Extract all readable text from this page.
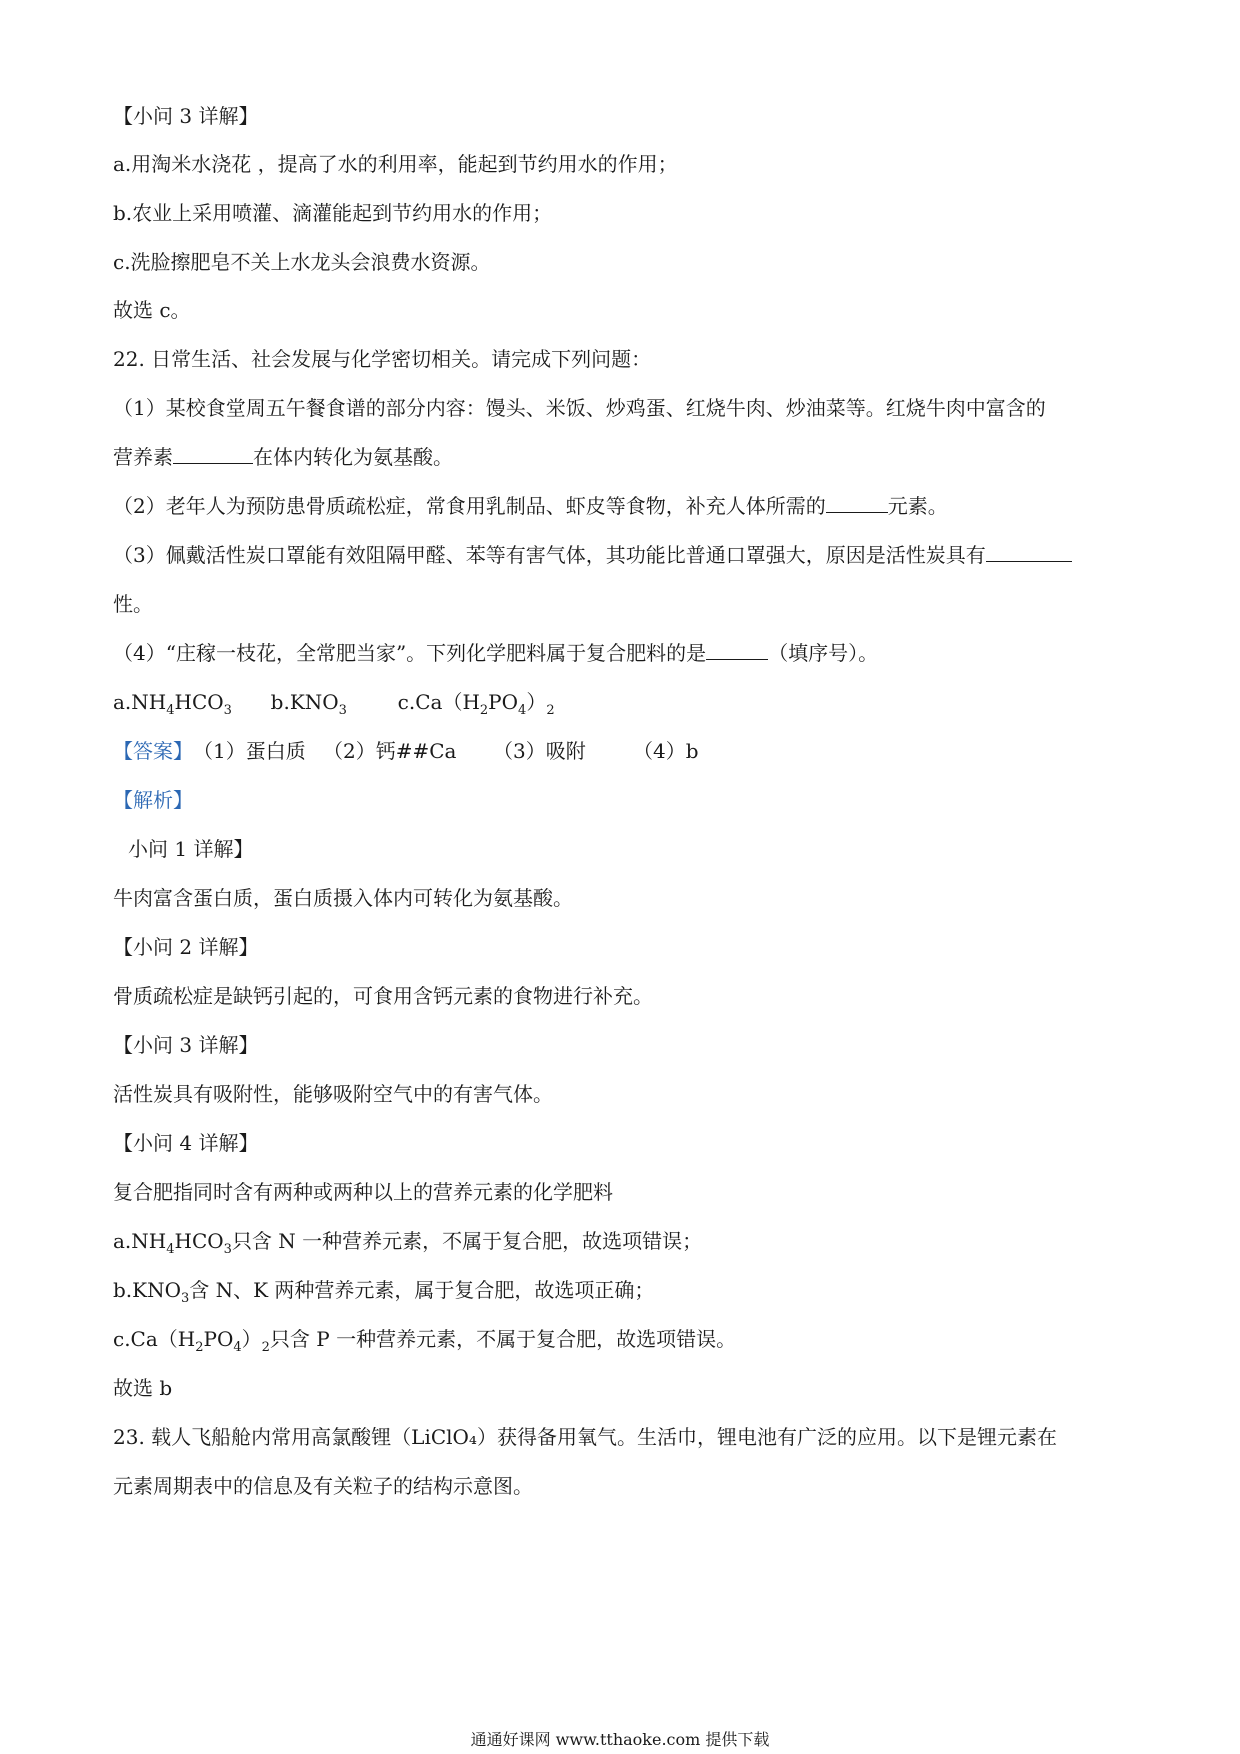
【小问 3 详解】
a.用淘米水浇花 ，提高了水的利用率，能起到节约用水的作用；
b.农业上采用喷灌、滴灌能起到节约用水的作用；
c.洗脸擦肥皂不关上水龙头会浪费水资源。
故选 c。
22. 日常生活、社会发展与化学密切相关。请完成下列问题：
（1）某校食堂周五午餐食谱的部分内容：馒头、米饭、炒鸡蛋、红烧牛肉、炒油菜等。红烧牛肉中富含的
营养素	在体内转化为氨基酸。
（2）老年人为预防患骨质疏松症，常食用乳制品、虾皮等食物，补充人体所需的	元素。
（3）佩戴活性炭口罩能有效阻隔甲醛、苯等有害气体，其功能比普通口罩强大，原因是活性炭具有
性。
（4）“庄稼一枝花，全常肥当家”。下列化学肥料属于复合肥料的是	（填序号）。
$a.NH_4HCO_3$ $b.KNO_3$	$c.Ca(H_2PO_4)_2$
【答案】（1）蛋白质 （2）钙##Ca （3）吸附 （4）b
【解析】
小问 1 详解】
牛肉富含蛋白质，蛋白质摄入体内可转化为氨基酸。
【小问 2 详解】
骨质疏松症是缺钙引起的，可食用含钙元素的食物进行补充。
【小问 3 详解】
活性炭具有吸附性，能够吸附空气中的有害气体。
【小问 4 详解】
复合肥指同时含有两种或两种以上的营养元素的化学肥料
$a.NH_4HCO_3$只含 N 一种营养元素，不属于复合肥，故选项错误；
$b.KNO_3$含 N、K 两种营养元素，属于复合肥，故选项正确；
$c.Ca(H_2PO_4)_2$只含 P 一种营养元素，不属于复合肥，故选项错误。
故选 b
23. 载人飞船舱内常用高氯酸锂（LiClO₄）获得备用氧气。生活巾，锂电池有广泛的应用。以下是锂元素在
元素周期表中的信息及有关粒子的结构示意图。
通通好课网 www.tthaoke.com 提供下载
